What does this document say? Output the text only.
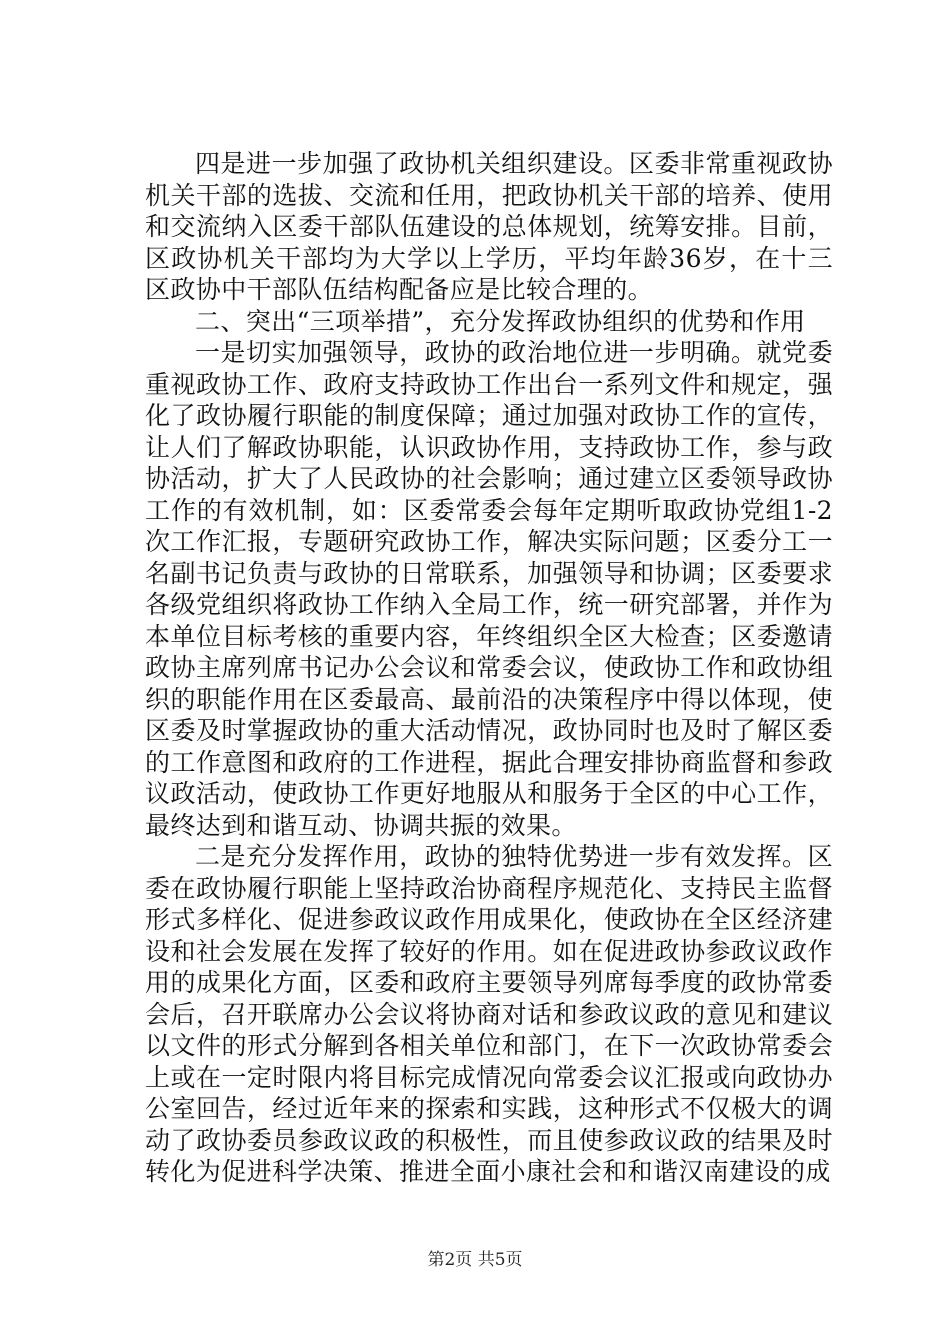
四是进一步加强了政协机关组织建设。区委非常重视政协机关干部的选拔、交流和任用，把政协机关干部的培养、使用和交流纳入区委干部队伍建设的总体规划，统筹安排。目前，区政协机关干部均为大学以上学历，平均年龄36岁，在十三区政协中干部队伍结构配备应是比较合理的。

二、突出“三项举措”，充分发挥政协组织的优势和作用

一是切实加强领导，政协的政治地位进一步明确。就党委重视政协工作、政府支持政协工作出台一系列文件和规定，强化了政协履行职能的制度保障；通过加强对政协工作的宣传，让人们了解政协职能，认识政协作用，支持政协工作，参与政协活动，扩大了人民政协的社会影响；通过建立区委领导政协工作的有效机制，如：区委常委会每年定期听取政协党组1-2次工作汇报，专题研究政协工作，解决实际问题；区委分工一名副书记负责与政协的日常联系，加强领导和协调；区委要求各级党组织将政协工作纳入全局工作，统一研究部署，并作为本单位目标考核的重要内容，年终组织全区大检查；区委邀请政协主席列席书记办公会议和常委会议，使政协工作和政协组织的职能作用在区委最高、最前沿的决策程序中得以体现，使区委及时掌握政协的重大活动情况，政协同时也及时了解区委的工作意图和政府的工作进程，据此合理安排协商监督和参政议政活动，使政协工作更好地服从和服务于全区的中心工作，最终达到和谐互动、协调共振的效果。

二是充分发挥作用，政协的独特优势进一步有效发挥。区委在政协履行职能上坚持政治协商程序规范化、支持民主监督形式多样化、促进参政议政作用成果化，使政协在全区经济建设和社会发展在发挥了较好的作用。如在促进政协参政议政作用的成果化方面，区委和政府主要领导列席每季度的政协常委会后，召开联席办公会议将协商对话和参政议政的意见和建议以文件的形式分解到各相关单位和部门，在下一次政协常委会上或在一定时限内将目标完成情况向常委会议汇报或向政协办公室回告，经过近年来的探索和实践，这种形式不仅极大的调动了政协委员参政议政的积极性，而且使参政议政的结果及时转化为促进科学决策、推进全面小康社会和和谐汉南建设的成

第2页 共5页
